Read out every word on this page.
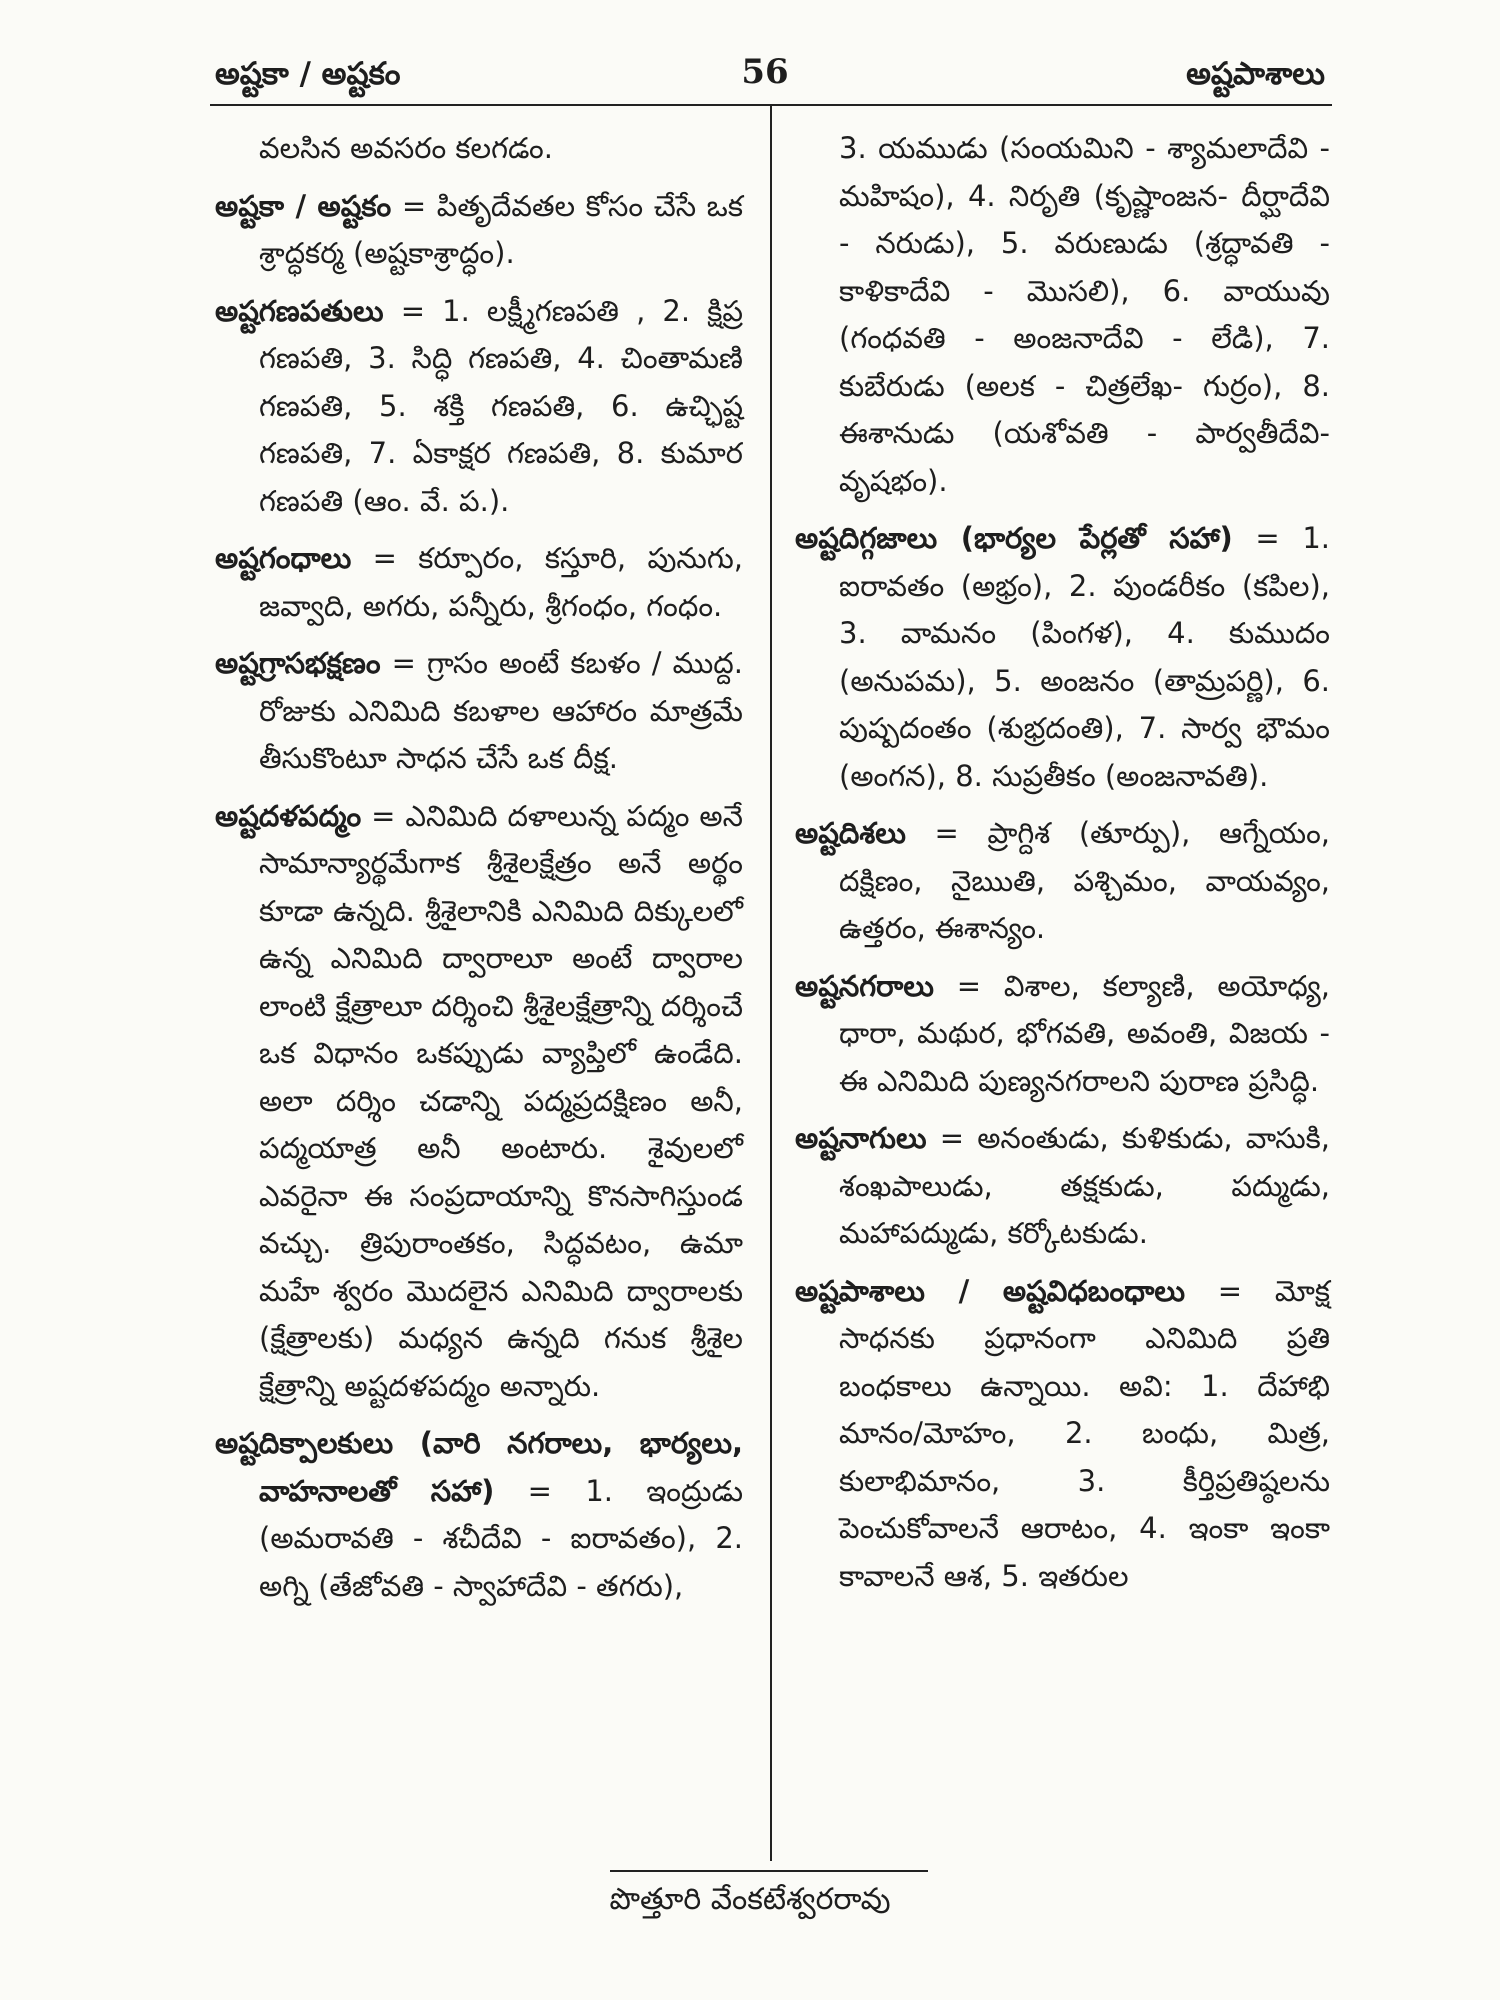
అష్టకా / అష్టకం	56	అష్టపాశాలు

వలసిన అవసరం కలగడం.

అష్టకా / అష్టకం = పితృదేవతల కోసం చేసే ఒక శ్రాద్ధకర్మ (అష్టకాశ్రాద్ధం).

అష్టగణపతులు = 1. లక్ష్మీగణపతి , 2. క్షిప్ర గణపతి, 3. సిద్ధి గణపతి, 4. చింతామణి గణపతి, 5. శక్తి గణపతి, 6. ఉచ్ఛిష్ట గణపతి, 7. ఏకాక్షర గణపతి, 8. కుమార గణపతి (ఆం. వే. ప.).

అష్టగంధాలు = కర్పూరం, కస్తూరి, పునుగు, జవ్వాది, అగరు, పన్నీరు, శ్రీగంధం, గంధం.

అష్టగ్రాసభక్షణం = గ్రాసం అంటే కబళం / ముద్ద. రోజుకు ఎనిమిది కబళాల ఆహారం మాత్రమే తీసుకొంటూ సాధన చేసే ఒక దీక్ష.

అష్టదళపద్మం = ఎనిమిది దళాలున్న పద్మం అనే సామాన్యార్థమేగాక శ్రీశైలక్షేత్రం అనే అర్థం కూడా ఉన్నది. శ్రీశైలానికి ఎనిమిది దిక్కులలో ఉన్న ఎనిమిది ద్వారాలూ అంటే ద్వారాల లాంటి క్షేత్రాలూ దర్శించి శ్రీశైలక్షేత్రాన్ని దర్శించే ఒక విధానం ఒకప్పుడు వ్యాప్తిలో ఉండేది. అలా దర్శిం చడాన్ని పద్మప్రదక్షిణం అనీ, పద్మయాత్ర అనీ అంటారు. శైవులలో ఎవరైనా ఈ సంప్రదాయాన్ని కొనసాగిస్తుండ వచ్చు. త్రిపురాంతకం, సిద్ధవటం, ఉమా మహే శ్వరం మొదలైన ఎనిమిది ద్వారాలకు (క్షేత్రాలకు) మధ్యన ఉన్నది గనుక శ్రీశైల క్షేత్రాన్ని అష్టదళపద్మం అన్నారు.

అష్టదిక్పాలకులు (వారి నగరాలు, భార్యలు, వాహనాలతో సహా) = 1. ఇంద్రుడు (అమరావతి - శచీదేవి - ఐరావతం), 2. అగ్ని (తేజోవతి - స్వాహాదేవి - తగరు),

3. యముడు (సంయమిని - శ్యామలాదేవి - మహిషం), 4. నిరృతి (కృష్ణాంజన- దీర్ఘాదేవి - నరుడు), 5. వరుణుడు (శ్రద్ధావతి - కాళికాదేవి - మొసలి), 6. వాయువు (గంధవతి - అంజనాదేవి - లేడి), 7. కుబేరుడు (అలక - చిత్రలేఖ- గుర్రం), 8. ఈశానుడు (యశోవతి - పార్వతీదేవి- వృషభం).

అష్టదిగ్గజాలు (భార్యల పేర్లతో సహా) = 1. ఐరావతం (అభ్రం), 2. పుండరీకం (కపిల), 3. వామనం (పింగళ), 4. కుముదం (అనుపమ), 5. అంజనం (తామ్రపర్ణి), 6. పుష్పదంతం (శుభ్రదంతి), 7. సార్వ భౌమం (అంగన), 8. సుప్రతీకం (అంజనావతి).

అష్టదిశలు = ప్రాగ్దిశ (తూర్పు), ఆగ్నేయం, దక్షిణం, నైఋతి, పశ్చిమం, వాయవ్యం, ఉత్తరం, ఈశాన్యం.

అష్టనగరాలు = విశాల, కల్యాణి, అయోధ్య, ధారా, మథుర, భోగవతి, అవంతి, విజయ - ఈ ఎనిమిది పుణ్యనగరాలని పురాణ ప్రసిద్ధి.

అష్టనాగులు = అనంతుడు, కుళికుడు, వాసుకి, శంఖపాలుడు, తక్షకుడు, పద్ముడు, మహాపద్ముడు, కర్కోటకుడు.

అష్టపాశాలు / అష్టవిధబంధాలు = మోక్ష సాధనకు ప్రధానంగా ఎనిమిది ప్రతి బంధకాలు ఉన్నాయి. అవి: 1. దేహాభి మానం/మోహం, 2. బంధు, మిత్ర, కులాభిమానం, 3. కీర్తిప్రతిష్ఠలను పెంచుకోవాలనే ఆరాటం, 4. ఇంకా ఇంకా కావాలనే ఆశ, 5. ఇతరుల

పొత్తూరి వేంకటేశ్వరరావు
